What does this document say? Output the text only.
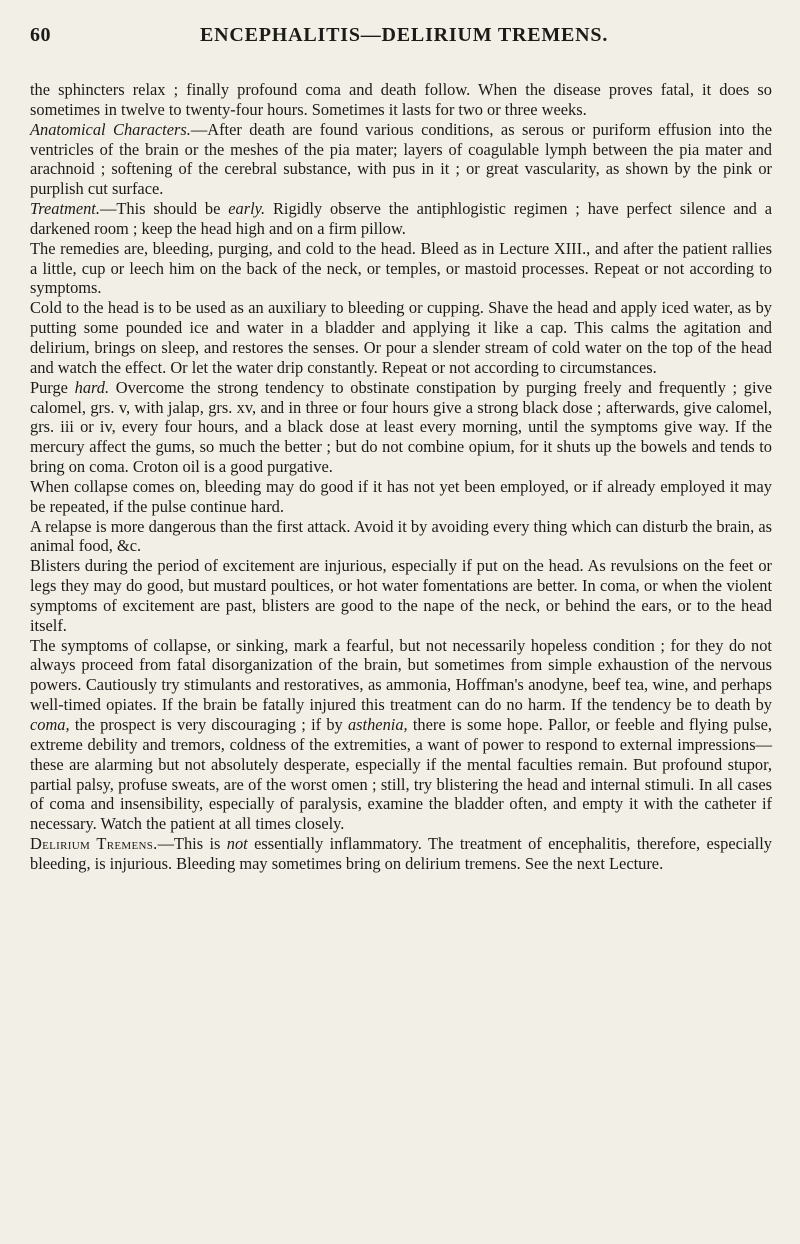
60	ENCEPHALITIS—DELIRIUM TREMENS.

the sphincters relax ; finally profound coma and death follow. When the disease proves fatal, it does so sometimes in twelve to twenty-four hours. Sometimes it lasts for two or three weeks.

Anatomical Characters.—After death are found various conditions, as serous or puriform effusion into the ventricles of the brain or the meshes of the pia mater; layers of coagulable lymph between the pia mater and arachnoid ; softening of the cerebral substance, with pus in it ; or great vascularity, as shown by the pink or purplish cut surface.

Treatment.—This should be early. Rigidly observe the antiphlogistic regimen ; have perfect silence and a darkened room ; keep the head high and on a firm pillow.

The remedies are, bleeding, purging, and cold to the head. Bleed as in Lecture XIII., and after the patient rallies a little, cup or leech him on the back of the neck, or temples, or mastoid processes. Repeat or not according to symptoms.

Cold to the head is to be used as an auxiliary to bleeding or cupping. Shave the head and apply iced water, as by putting some pounded ice and water in a bladder and applying it like a cap. This calms the agitation and delirium, brings on sleep, and restores the senses. Or pour a slender stream of cold water on the top of the head and watch the effect. Or let the water drip constantly. Repeat or not according to circumstances.

Purge hard. Overcome the strong tendency to obstinate constipation by purging freely and frequently ; give calomel, grs. v, with jalap, grs. xv, and in three or four hours give a strong black dose ; afterwards, give calomel, grs. iii or iv, every four hours, and a black dose at least every morning, until the symptoms give way. If the mercury affect the gums, so much the better ; but do not combine opium, for it shuts up the bowels and tends to bring on coma. Croton oil is a good purgative.

When collapse comes on, bleeding may do good if it has not yet been employed, or if already employed it may be repeated, if the pulse continue hard.

A relapse is more dangerous than the first attack. Avoid it by avoiding every thing which can disturb the brain, as animal food, &c.

Blisters during the period of excitement are injurious, especially if put on the head. As revulsions on the feet or legs they may do good, but mustard poultices, or hot water fomentations are better. In coma, or when the violent symptoms of excitement are past, blisters are good to the nape of the neck, or behind the ears, or to the head itself.

The symptoms of collapse, or sinking, mark a fearful, but not necessarily hopeless condition ; for they do not always proceed from fatal disorganization of the brain, but sometimes from simple exhaustion of the nervous powers. Cautiously try stimulants and restoratives, as ammonia, Hoffman's anodyne, beef tea, wine, and perhaps well-timed opiates. If the brain be fatally injured this treatment can do no harm. If the tendency be to death by coma, the prospect is very discouraging ; if by asthenia, there is some hope. Pallor, or feeble and flying pulse, extreme debility and tremors, coldness of the extremities, a want of power to respond to external impressions—these are alarming but not absolutely desperate, especially if the mental faculties remain. But profound stupor, partial palsy, profuse sweats, are of the worst omen ; still, try blistering the head and internal stimuli. In all cases of coma and insensibility, especially of paralysis, examine the bladder often, and empty it with the catheter if necessary. Watch the patient at all times closely.

Delirium Tremens.—This is not essentially inflammatory. The treatment of encephalitis, therefore, especially bleeding, is injurious. Bleeding may sometimes bring on delirium tremens. See the next Lecture.
